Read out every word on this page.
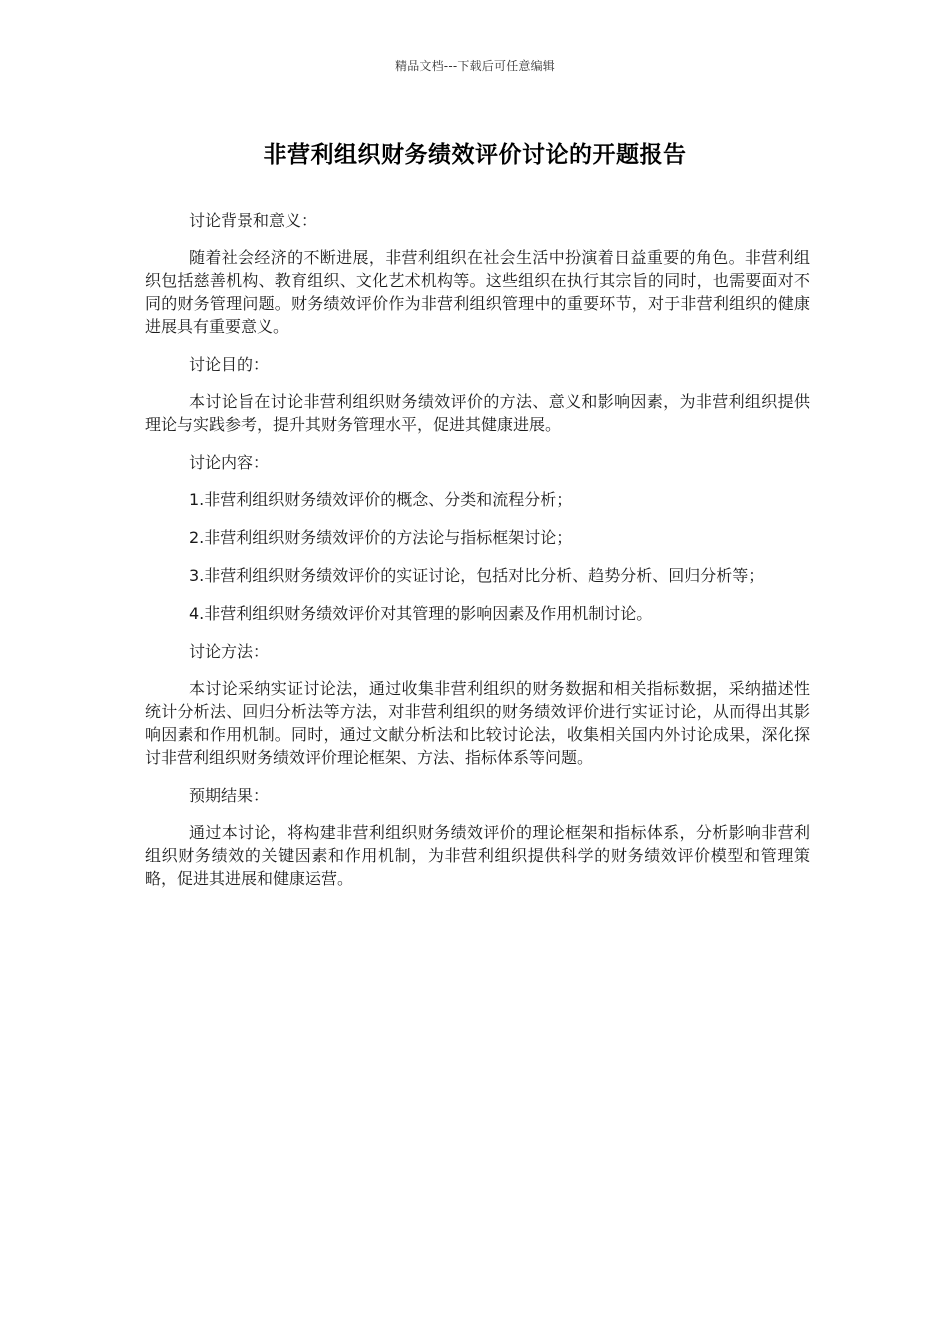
精品文档---下载后可任意编辑
非营利组织财务绩效评价讨论的开题报告

讨论背景和意义：

随着社会经济的不断进展，非营利组织在社会生活中扮演着日益重要的角色。非营利组织包括慈善机构、教育组织、文化艺术机构等。这些组织在执行其宗旨的同时，也需要面对不同的财务管理问题。财务绩效评价作为非营利组织管理中的重要环节，对于非营利组织的健康进展具有重要意义。

讨论目的：

本讨论旨在讨论非营利组织财务绩效评价的方法、意义和影响因素，为非营利组织提供理论与实践参考，提升其财务管理水平，促进其健康进展。

讨论内容：

1.非营利组织财务绩效评价的概念、分类和流程分析；

2.非营利组织财务绩效评价的方法论与指标框架讨论；

3.非营利组织财务绩效评价的实证讨论，包括对比分析、趋势分析、回归分析等；

4.非营利组织财务绩效评价对其管理的影响因素及作用机制讨论。

讨论方法：

本讨论采纳实证讨论法，通过收集非营利组织的财务数据和相关指标数据，采纳描述性统计分析法、回归分析法等方法，对非营利组织的财务绩效评价进行实证讨论，从而得出其影响因素和作用机制。同时，通过文献分析法和比较讨论法，收集相关国内外讨论成果，深化探讨非营利组织财务绩效评价理论框架、方法、指标体系等问题。

预期结果：

通过本讨论，将构建非营利组织财务绩效评价的理论框架和指标体系，分析影响非营利组织财务绩效的关键因素和作用机制，为非营利组织提供科学的财务绩效评价模型和管理策略，促进其进展和健康运营。
